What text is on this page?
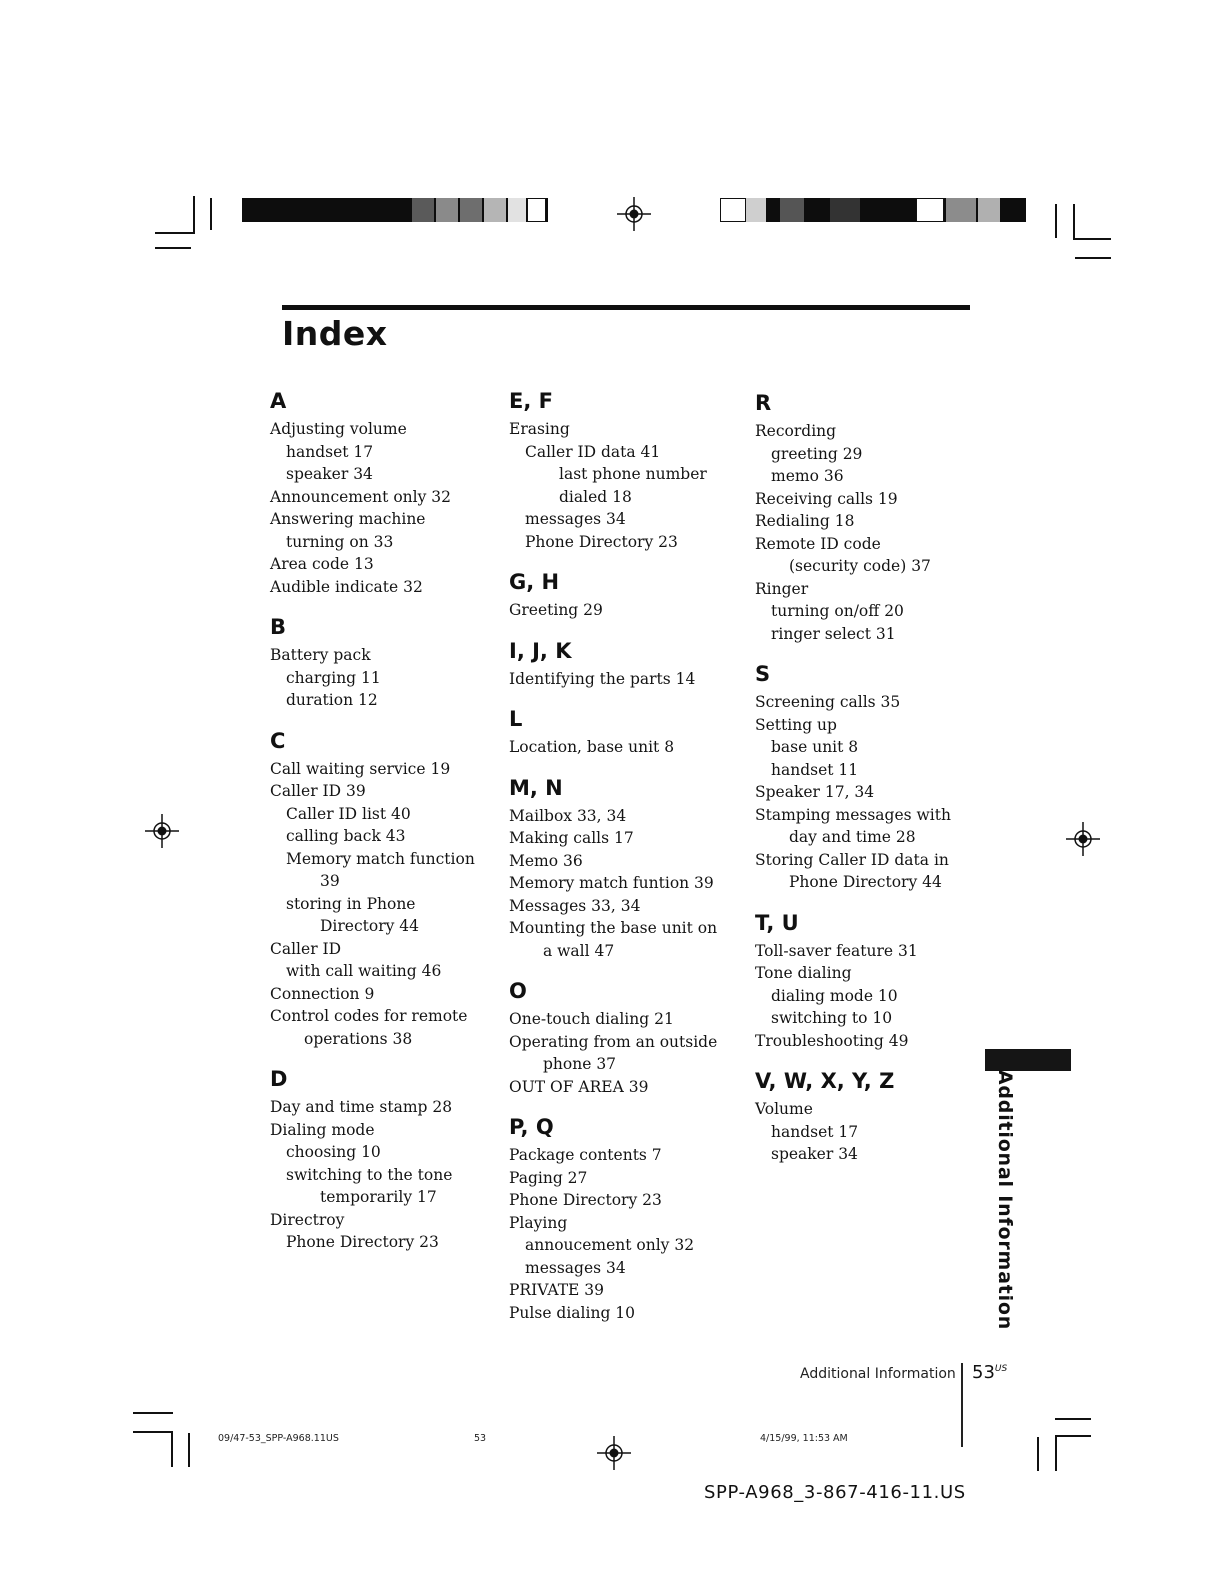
Index
A
Adjusting volume
handset 17
speaker 34
Announcement only 32
Answering machine
turning on 33
Area code 13
Audible indicate 32
B
Battery pack
charging 11
duration 12
C
Call waiting service 19
Caller ID 39
Caller ID list 40
calling back 43
Memory match function 39
storing in Phone Directory 44
Caller ID
with call waiting 46
Connection 9
Control codes for remote operations 38
D
Day and time stamp 28
Dialing mode
choosing 10
switching to the tone temporarily 17
Directroy
Phone Directory 23
E, F
Erasing
Caller ID data 41
last phone number dialed 18
messages 34
Phone Directory 23
G, H
Greeting 29
I, J, K
Identifying the parts 14
L
Location, base unit 8
M, N
Mailbox 33, 34
Making calls 17
Memo 36
Memory match funtion 39
Messages 33, 34
Mounting the base unit on a wall 47
O
One-touch dialing 21
Operating from an outside phone 37
OUT OF AREA 39
P, Q
Package contents 7
Paging 27
Phone Directory 23
Playing
annoucement only 32
messages 34
PRIVATE 39
Pulse dialing 10
R
Recording
greeting 29
memo 36
Receiving calls 19
Redialing 18
Remote ID code (security code) 37
Ringer
turning on/off 20
ringer select 31
S
Screening calls 35
Setting up
base unit 8
handset 11
Speaker 17, 34
Stamping messages with day and time 28
Storing Caller ID data in Phone Directory 44
T, U
Toll-saver feature 31
Tone dialing
dialing mode 10
switching to 10
Troubleshooting 49
V, W, X, Y, Z
Volume
handset 17
speaker 34	Additional Information
Additional Information $53^{US}$
09/47-53_SPP-A968.11US	53	4/15/99, 11:53 AM
SPP-A968_3-867-416-11.US
